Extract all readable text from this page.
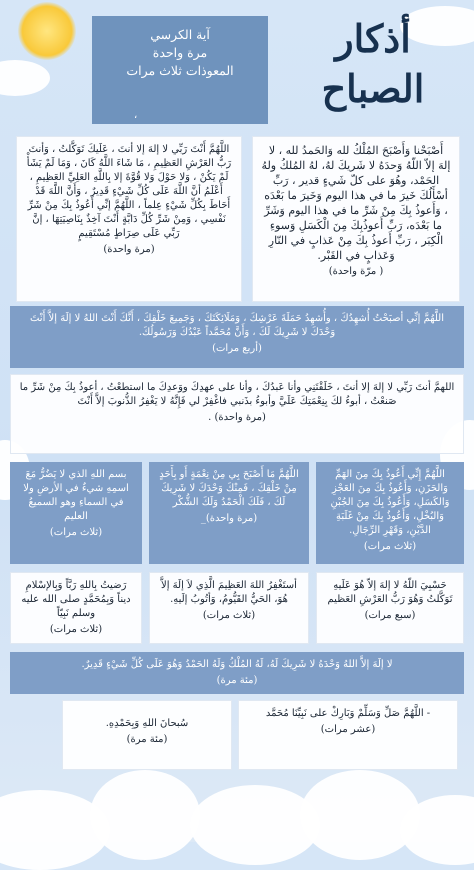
أذكار
الصباح
آية الكرسي
مرة واحدة
المعوذات ثلاث مرات
،
أَصْبَحْنا وَأَصْبَحَ المُلْكُ لله وَالحَمدُ لله ، لا إلهَ إلاّ اللّهُ وَحدَهُ لا شَريكَ لهُ، لهُ المُلكُ ولهُ الحَمْد، وهُوَ على كلّ شَيءٍ قدير ، رَبِّ أسْأَلُكَ خَيرَ ما في هذا اليوم وَخَيرَ ما بَعْدَه ، وَأَعوذُ بِكَ مِنْ شَرِّ ما في هذا اليوم وَشَرِّ ما بَعْدَه، رَبِّ أَعوذُبِكَ مِنَ الْكَسَلِ وَسوءِ الْكِبَر ، رَبِّ أَعوذُ بِكَ مِنْ عَذابٍ في النّارِ وَعَذابٍ في القَبْر.
( مرّة واحدة)
اللَّهُمَّ أَنْتَ رَبِّي لا إلهَ إلا أنتَ ، عَلَيكَ تَوَكَّلتُ ، وَأنتَ رَبُّ العَرْشِ العَظِيمِ ، مَا شَاءَ اللَّهُ كَانَ ، وَمَا لَمْ يَشَأْ لَمْ يَكُنْ ، وَلا حَوْلَ وَلا قُوَّةَ إلا بِاللَّهِ العَلِيِّ العَظِيمِ ، أَعْلَمُ أنَّ اللَّهَ عَلَى كُلِّ شَيْءٍ قَدِيرٌ ، وَأَنَّ اللَّهَ قَدْ أَحَاطَ بِكُلِّ شَيْءٍ عِلماً ، اللَّهُمَّ إنِّي أَعُوذُ بِكَ مِنْ شَرِّ نَفْسِي ، وَمِنْ شَرِّ كُلِّ دَابَّةٍ أَنْتَ آخِذٌ بِنَاصِيَتِهَا ، إنَّ رَبِّي عَلَى صِرَاطٍ مُسْتَقِيمٍ
(مرة واحدة)
اللَّهُمَّ إنِّي أصبَحْتُ أُشهِدُكَ ، وأُشهِدُ حَمَلَةَ عَرْشِكَ ، وَمَلَائِكَتَكَ ، وَجَمِيعَ خَلْقِكَ ، أَنَّكَ أَنْتَ اللهُ لا إلَهَ إلاَّ أَنْتَ وَحْدَكَ لا شَرِيكَ لَكَ ، وَأَنَّ مُحَمَّداً عَبْدُكَ وَرَسُولُكَ.
(أربع مرات)
اللهمَّ أنتَ رَبِّي لا إلهَ إلا أنتَ ، خَلَقْتَنِي وأنا عَبدُكَ ، وأنا على عهدِكَ ووَعدِكَ ما استطعْتُ ، أعوذُ بِكَ مِنْ شَرِّ ما صَنعْتُ ، أبوءُ لكَ بِنِعْمَتِكَ عَلَيَّ وأبوءُ بذَنبي فاغْفِرْ لي فَإِنَّهُ لا يَغْفِرُ الذُّنوبَ إلاَّ أَنْتَ
(مرة واحدة) .
اللَّهُمَّ إِنِّي أَعُوذُ بِكَ مِنَ الهَمِّ وَالحَزَنِ، وَأَعُوذُ بِكَ مِنَ العَجْزِ وَالكَسَلِ، وَأَعُوذُ بِكَ مِنَ الجُبْنِ وَالبُخْلِ، وَأَعُوذُ بِكَ مِنْ غَلَبَةِ الدَّيْنِ، وَقَهْرِ الرِّجَالِ.
(ثلاث مرات)
اللَّهُمَّ مَا أَصْبَحَ بِي مِنْ نِعْمَةٍ أَو بِأَحَدٍ مِنْ خَلْقِكَ ، فَمِنْكَ وَحْدَكَ لا شَرِيكَ لَكَ ، فَلَكَ الْحَمْدُ وَلَكَ الشُّكْر
(مرة واحدة)_
بسم اللهِ الذي لا يَضُرُّ مَعَ اسمِهِ شيءٌ في الأرضِ ولا في السماءِ وهو السميعُ العليم
(ثلاث مرات)
حَسْبِيَ اللّهُ لا إلهَ إلاّ هُوَ عَلَيهِ تَوَكَّلتُ وَهُوَ رَبُّ العَرْشِ العَظيم
(سبع مرات)
أستَغْفِرُ اللهَ العَظِيمَ الَّذِي لاَ إلَهَ إلاَّ هُوَ، الحَيُّ القَيُّومُ، وَأتُوبُ إلَيهِ.
(ثلاث مرات)
رَضيتُ بِاللهِ رَبَّاً وَبِالإسْلامِ ديناً وَبِمُحَمَّدٍ صلى الله عليه وسلم نَبِيّاً
(ثلاث مرات)
لا إلَهَ إلاَّ اللهُ وَحْدَهُ لا شَرِيكَ لَهُ، لَهُ المُلْكُ وَلَهُ الحَمْدُ وَهُوَ عَلَى كُلِّ شَيْءٍ قَدِيرٌ.
(مئة مرة)
- اللَّهُمَّ صَلِّ وَسَلِّمْ وَبَارِكْ على نَبِيِّنَا مُحَمَّد
(عشر مرات)
سُبحانَ اللهِ وَبِحَمْدِهِ.
(مئة مرة)
